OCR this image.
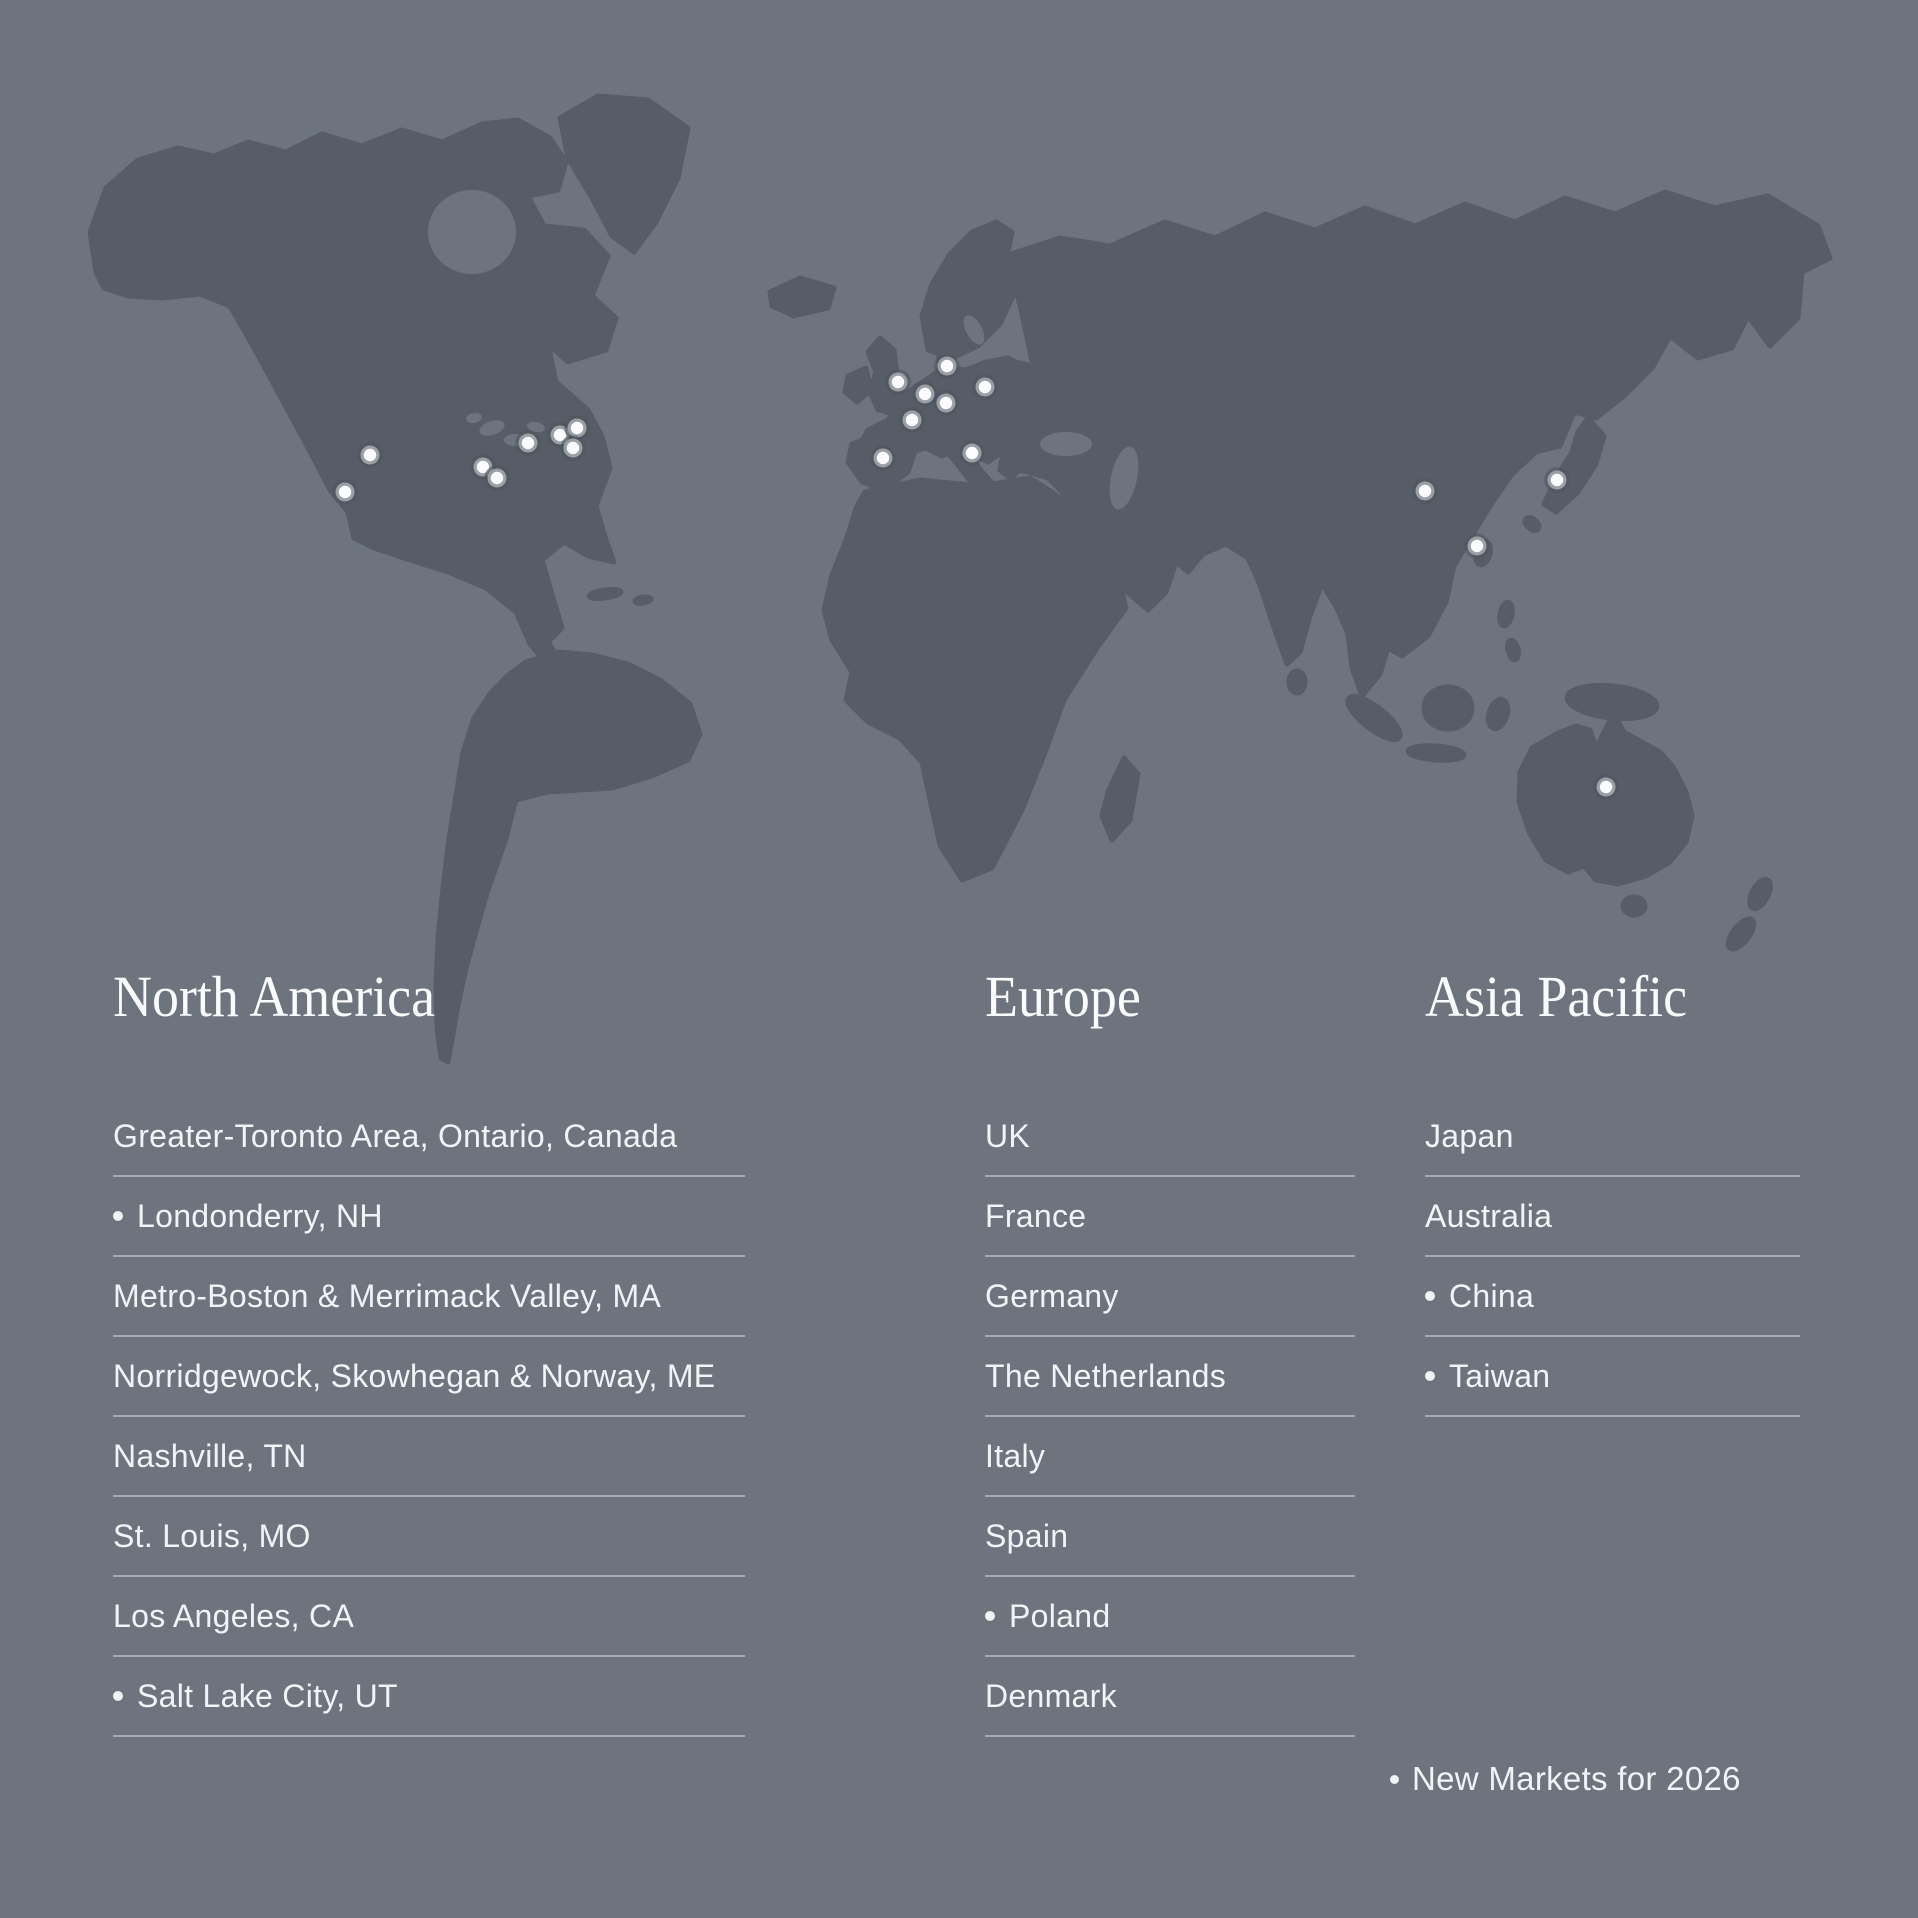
North America
Greater-Toronto Area, Ontario, Canada
Londonderry, NH
Metro-Boston & Merrimack Valley, MA
Norridgewock, Skowhegan & Norway, ME
Nashville, TN
St. Louis, MO
Los Angeles, CA
Salt Lake City, UT
Europe
UK
France
Germany
The Netherlands
Italy
Spain
Poland
Denmark
Asia Pacific
Japan
Australia
China
Taiwan
New Markets for 2026
